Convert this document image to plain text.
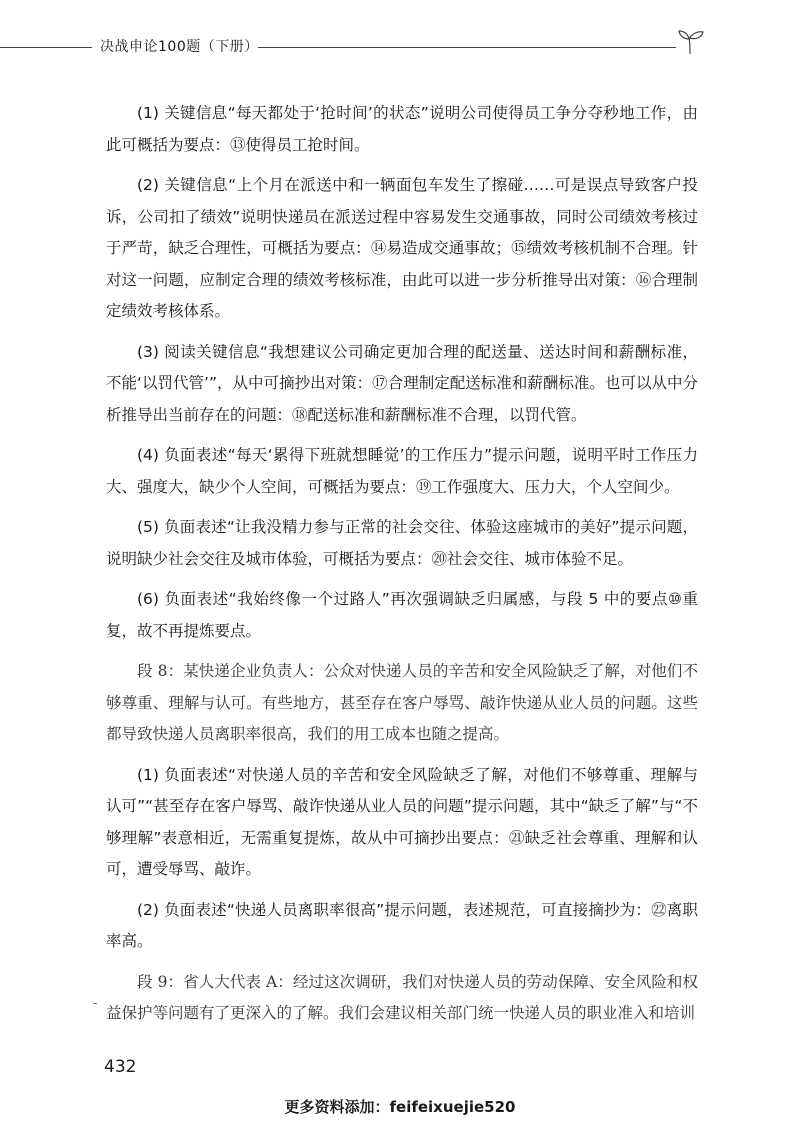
决战申论100题（下册）

(1) 关键信息“每天都处于‘抢时间’的状态”说明公司使得员工争分夺秒地工作，由此可概括为要点：⑬使得员工抢时间。

(2) 关键信息“上个月在派送中和一辆面包车发生了擦碰……可是误点导致客户投诉，公司扣了绩效”说明快递员在派送过程中容易发生交通事故，同时公司绩效考核过于严苛，缺乏合理性，可概括为要点：⑭易造成交通事故；⑮绩效考核机制不合理。针对这一问题，应制定合理的绩效考核标准，由此可以进一步分析推导出对策：⑯合理制定绩效考核体系。

(3) 阅读关键信息“我想建议公司确定更加合理的配送量、送达时间和薪酬标准，不能‘以罚代管’”，从中可摘抄出对策：⑰合理制定配送标准和薪酬标准。也可以从中分析推导出当前存在的问题：⑱配送标准和薪酬标准不合理，以罚代管。

(4) 负面表述“每天‘累得下班就想睡觉’的工作压力”提示问题，说明平时工作压力大、强度大，缺少个人空间，可概括为要点：⑲工作强度大、压力大，个人空间少。

(5) 负面表述“让我没精力参与正常的社会交往、体验这座城市的美好”提示问题，说明缺少社会交往及城市体验，可概括为要点：⑳社会交往、城市体验不足。

(6) 负面表述“我始终像一个过路人”再次强调缺乏归属感，与段 5 中的要点⑩重复，故不再提炼要点。

段 8：某快递企业负责人：公众对快递人员的辛苦和安全风险缺乏了解，对他们不够尊重、理解与认可。有些地方，甚至存在客户辱骂、敲诈快递从业人员的问题。这些都导致快递人员离职率很高，我们的用工成本也随之提高。

(1) 负面表述“对快递人员的辛苦和安全风险缺乏了解，对他们不够尊重、理解与认可”“甚至存在客户辱骂、敲诈快递从业人员的问题”提示问题，其中“缺乏了解”与“不够理解”表意相近，无需重复提炼，故从中可摘抄出要点：㉑缺乏社会尊重、理解和认可，遭受辱骂、敲诈。

(2) 负面表述“快递人员离职率很高”提示问题，表述规范，可直接摘抄为：㉒离职率高。

段 9：省人大代表 A：经过这次调研，我们对快递人员的劳动保障、安全风险和权益保护等问题有了更深入的了解。我们会建议相关部门统一快递人员的职业准入和培训

-
432
更多资料添加：feifeixuejie520
